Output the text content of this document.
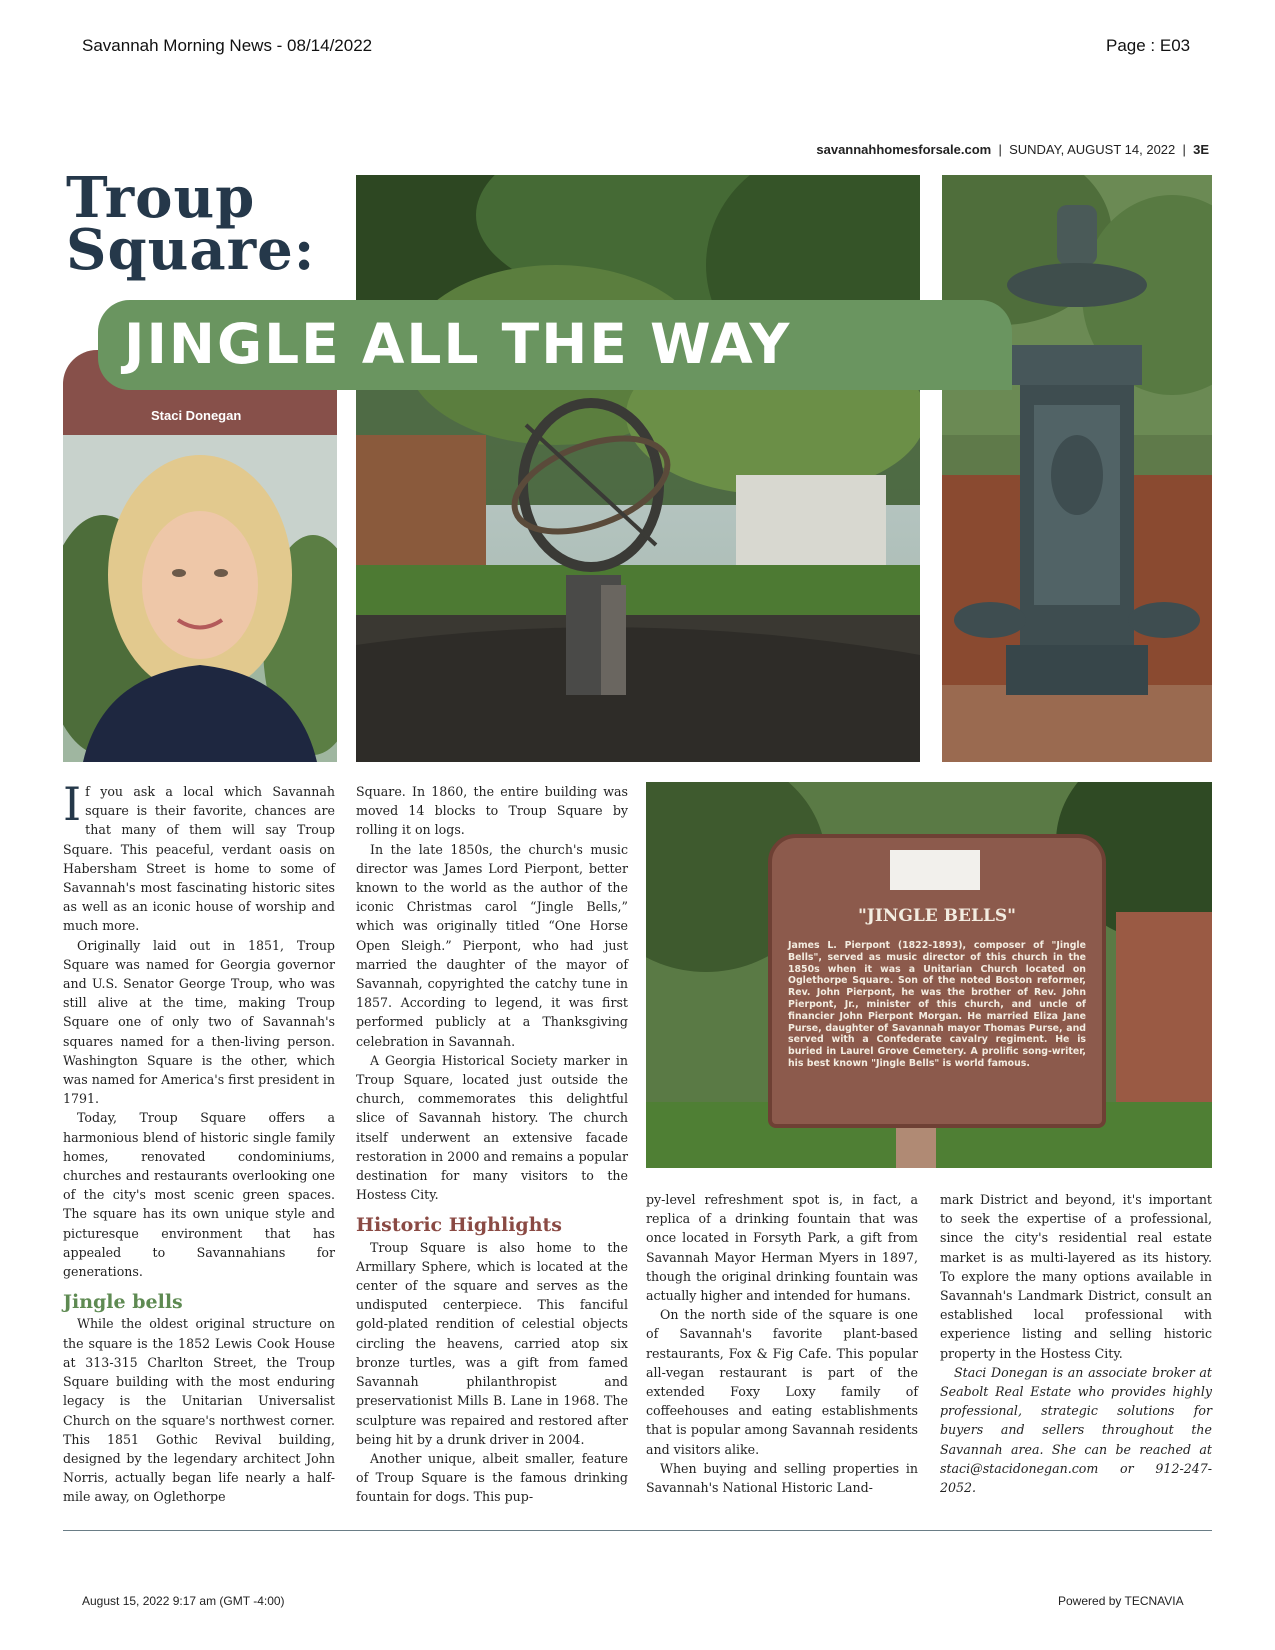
Savannah Morning News - 08/14/2022	Page : E03
savannahhomesforsale.com  |  SUNDAY, AUGUST 14, 2022  |  3E
Troup
Square:
Staci Donegan
JINGLE ALL THE WAY
"JINGLE BELLS"
James L. Pierpont (1822-1893), composer of "Jingle Bells", served as music director of this church in the 1850s when it was a Unitarian Church located on Oglethorpe Square. Son of the noted Boston reformer, Rev. John Pierpont, he was the brother of Rev. John Pierpont, Jr., minister of this church, and uncle of financier John Pierpont Morgan. He married Eliza Jane Purse, daughter of Savannah mayor Thomas Purse, and served with a Confederate cavalry regiment. He is buried in Laurel Grove Cemetery. A prolific song-writer, his best known "Jingle Bells" is world famous.

If you ask a local which Savannah square is their favorite, chances are that many of them will say Troup Square. This peaceful, verdant oasis on Habersham Street is home to some of Savannah's most fascinating historic sites as well as an iconic house of worship and much more.

Originally laid out in 1851, Troup Square was named for Georgia governor and U.S. Senator George Troup, who was still alive at the time, making Troup Square one of only two of Savannah's squares named for a then-living person. Washington Square is the other, which was named for America's first president in 1791.

Today, Troup Square offers a harmonious blend of historic single family homes, renovated condominiums, churches and restaurants overlooking one of the city's most scenic green spaces. The square has its own unique style and picturesque environment that has appealed to Savannahians for generations.

Jingle bells

While the oldest original structure on the square is the 1852 Lewis Cook House at 313-315 Charlton Street, the Troup Square building with the most enduring legacy is the Unitarian Universalist Church on the square's northwest corner. This 1851 Gothic Revival building, designed by the legendary architect John Norris, actually began life nearly a half-mile away, on Oglethorpe

Square. In 1860, the entire building was moved 14 blocks to Troup Square by rolling it on logs.

In the late 1850s, the church's music director was James Lord Pierpont, better known to the world as the author of the iconic Christmas carol “Jingle Bells,” which was originally titled “One Horse Open Sleigh.” Pierpont, who had just married the daughter of the mayor of Savannah, copyrighted the catchy tune in 1857. According to legend, it was first performed publicly at a Thanksgiving celebration in Savannah.

A Georgia Historical Society marker in Troup Square, located just outside the church, commemorates this delightful slice of Savannah history. The church itself underwent an extensive facade restoration in 2000 and remains a popular destination for many visitors to the Hostess City.

Historic Highlights

Troup Square is also home to the Armillary Sphere, which is located at the center of the square and serves as the undisputed centerpiece. This fanciful gold-plated rendition of celestial objects circling the heavens, carried atop six bronze turtles, was a gift from famed Savannah philanthropist and preservationist Mills B. Lane in 1968. The sculpture was repaired and restored after being hit by a drunk driver in 2004.

Another unique, albeit smaller, feature of Troup Square is the famous drinking fountain for dogs. This pup-

py-level refreshment spot is, in fact, a replica of a drinking fountain that was once located in Forsyth Park, a gift from Savannah Mayor Herman Myers in 1897, though the original drinking fountain was actually higher and intended for humans.

On the north side of the square is one of Savannah's favorite plant-based restaurants, Fox & Fig Cafe. This popular all-vegan restaurant is part of the extended Foxy Loxy family of coffeehouses and eating establishments that is popular among Savannah residents and visitors alike.

When buying and selling properties in Savannah's National Historic Land-

mark District and beyond, it's important to seek the expertise of a professional, since the city's residential real estate market is as multi-layered as its history. To explore the many options available in Savannah's Landmark District, consult an established local professional with experience listing and selling historic property in the Hostess City.

Staci Donegan is an associate broker at Seabolt Real Estate who provides highly professional, strategic solutions for buyers and sellers throughout the Savannah area. She can be reached at staci@stacidonegan.com or 912-247-2052.

August 15, 2022 9:17 am (GMT -4:00)	Powered by TECNAVIA
